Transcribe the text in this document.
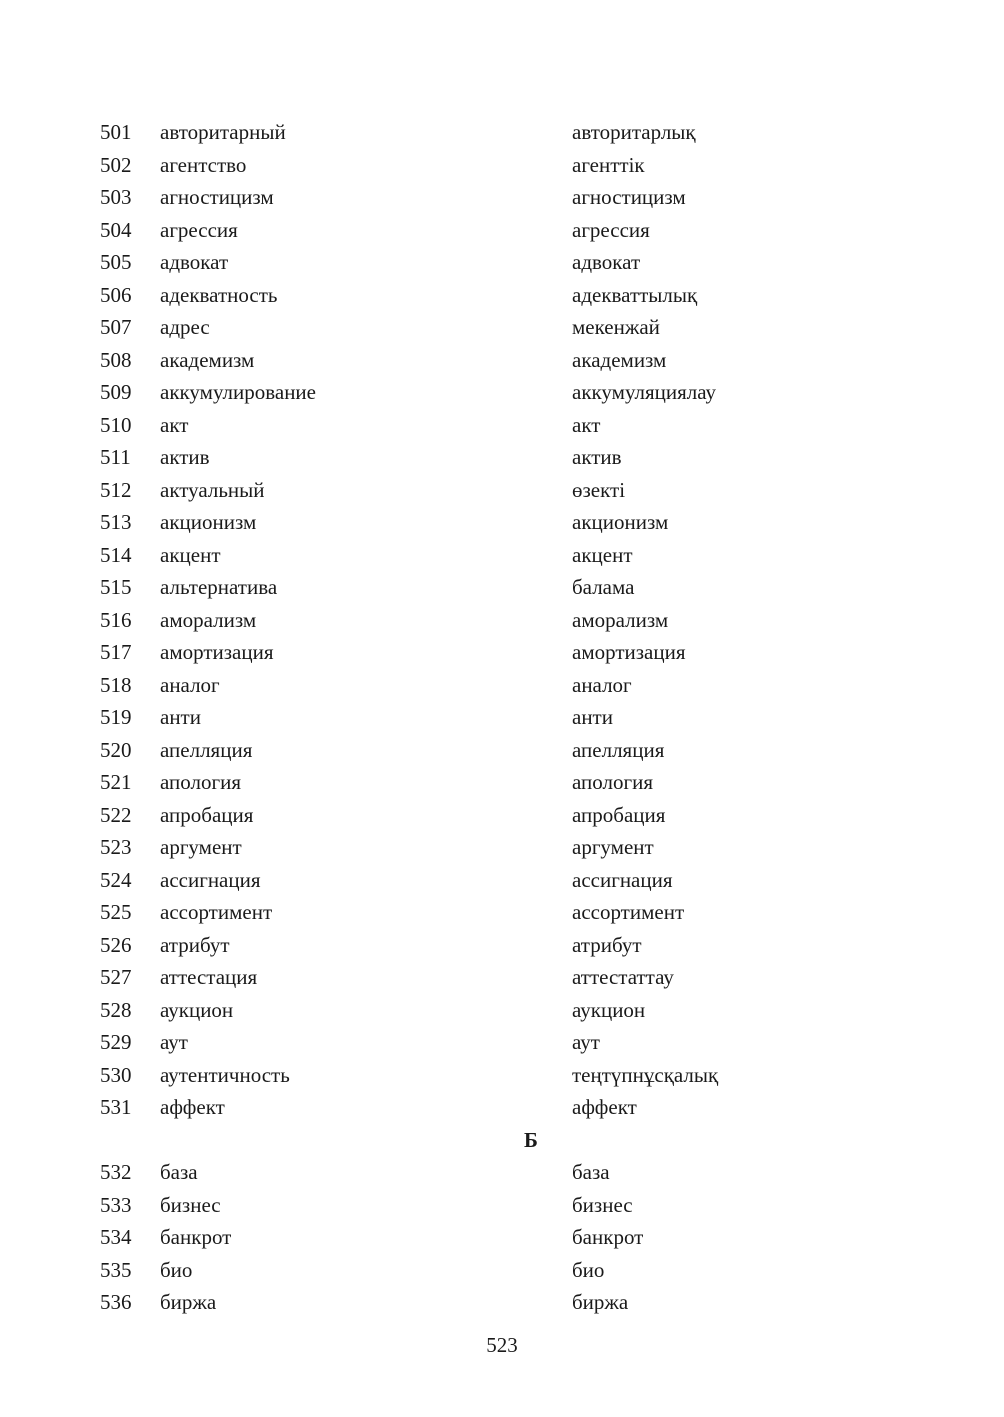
501 авторитарный	авторитарлық
502 агентство	агенттік
503 агностицизм	агностицизм
504 агрессия	агрессия
505 адвокат	адвокат
506 адекватность	адекваттылық
507 адрес	мекенжай
508 академизм	академизм
509 аккумулирование	аккумуляциялау
510 акт	акт
511 актив	актив
512 актуальный	өзекті
513 акционизм	акционизм
514 акцент	акцент
515 альтернатива	балама
516 аморализм	аморализм
517 амортизация	амортизация
518 аналог	аналог
519 анти	анти
520 апелляция	апелляция
521 апология	апология
522 апробация	апробация
523 аргумент	аргумент
524 ассигнация	ассигнация
525 ассортимент	ассортимент
526 атрибут	атрибут
527 аттестация	аттестаттау
528 аукцион	аукцион
529 аут	аут
530 аутентичность	теңтүпнұсқалық
531 аффект	аффект
Б
532 база	база
533 бизнес	бизнес
534 банкрот	банкрот
535 био	био
536 биржа	биржа
523
